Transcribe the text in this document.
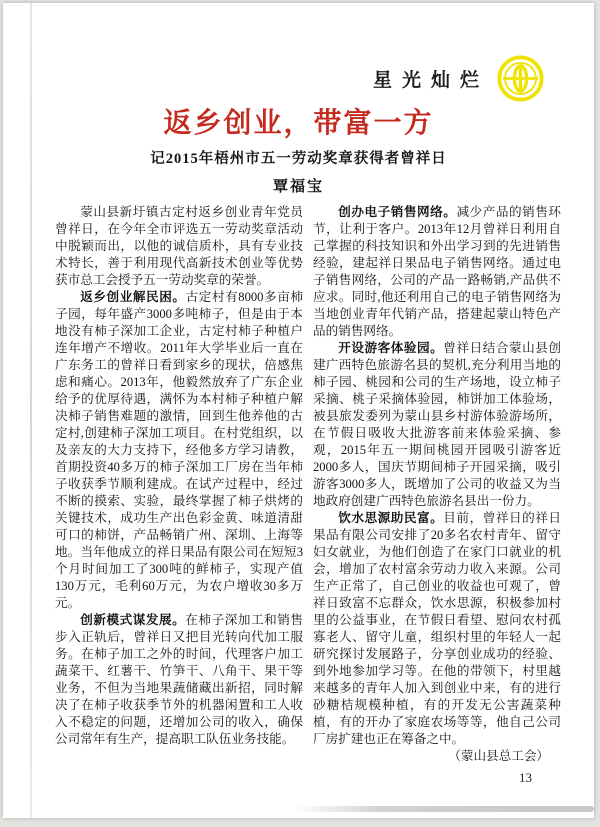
星光灿烂
返乡创业，带富一方
记2015年梧州市五一劳动奖章获得者曾祥日
覃福宝

蒙山县新圩镇古定村返乡创业青年党员曾祥日，在今年全市评选五一劳动奖章活动中脱颖而出，以他的诚信质朴，具有专业技术特长，善于利用现代高新技术创业等优势获市总工会授予五一劳动奖章的荣誉。

返乡创业解民困。古定村有8000多亩柿子园，每年盛产3000多吨柿子，但是由于本地没有柿子深加工企业，古定村柿子种植户连年增产不增收。2011年大学毕业后一直在广东务工的曾祥日看到家乡的现状，倍感焦虑和痛心。2013年，他毅然放弃了广东企业给予的优厚待遇，满怀为本村柿子种植户解决柿子销售难题的激情，回到生他养他的古定村,创建柿子深加工项目。在村党组织，以及亲友的大力支持下，经他多方学习请教，首期投资40多万的柿子深加工厂房在当年柿子收获季节顺利建成。在试产过程中，经过不断的摸索、实验，最终掌握了柿子烘烤的关键技术，成功生产出色彩金黄、味道清甜可口的柿饼，产品畅销广州、深圳、上海等地。当年他成立的祥日果品有限公司在短短3个月时间加工了300吨的鲜柿子，实现产值130万元，毛利60万元，为农户增收30多万元。

创新模式谋发展。在柿子深加工和销售步入正轨后，曾祥日又把目光转向代加工服务。在柿子加工之外的时间，代理客户加工蔬菜干、红薯干、竹笋干、八角干、果干等业务，不但为当地果蔬储藏出新招，同时解决了在柿子收获季节外的机器闲置和工人收入不稳定的问题，还增加公司的收入，确保公司常年有生产，提高职工队伍业务技能。

创办电子销售网络。减少产品的销售环节，让利于客户。2013年12月曾祥日利用自己掌握的科技知识和外出学习到的先进销售经验，建起祥日果品电子销售网络。通过电子销售网络，公司的产品一路畅销,产品供不应求。同时,他还利用自己的电子销售网络为当地创业青年代销产品，搭建起蒙山特色产品的销售网络。

开设游客体验园。曾祥日结合蒙山县创建广西特色旅游名县的契机,充分利用当地的柿子园、桃园和公司的生产场地，设立柿子采摘、桃子采摘体验园，柿饼加工体验场，被县旅发委列为蒙山县乡村游体验游场所，在节假日吸收大批游客前来体验采摘、参观，2015年五一期间桃园开园吸引游客近2000多人，国庆节期间柿子开园采摘，吸引游客3000多人，既增加了公司的收益又为当地政府创建广西特色旅游名县出一份力。

饮水思源助民富。目前，曾祥日的祥日果品有限公司安排了20多名农村青年、留守妇女就业，为他们创造了在家门口就业的机会，增加了农村富余劳动力收入来源。公司生产正常了，自己创业的收益也可观了，曾祥日致富不忘群众，饮水思源，积极参加村里的公益事业，在节假日看望、慰问农村孤寡老人、留守儿童，组织村里的年轻人一起研究探讨发展路子，分享创业成功的经验、到外地参加学习等。在他的带领下，村里越来越多的青年人加入到创业中来，有的进行砂糖桔规模种植，有的开发无公害蔬菜种植，有的开办了家庭农场等等，他自己公司厂房扩建也正在筹备之中。

（蒙山县总工会）

13
